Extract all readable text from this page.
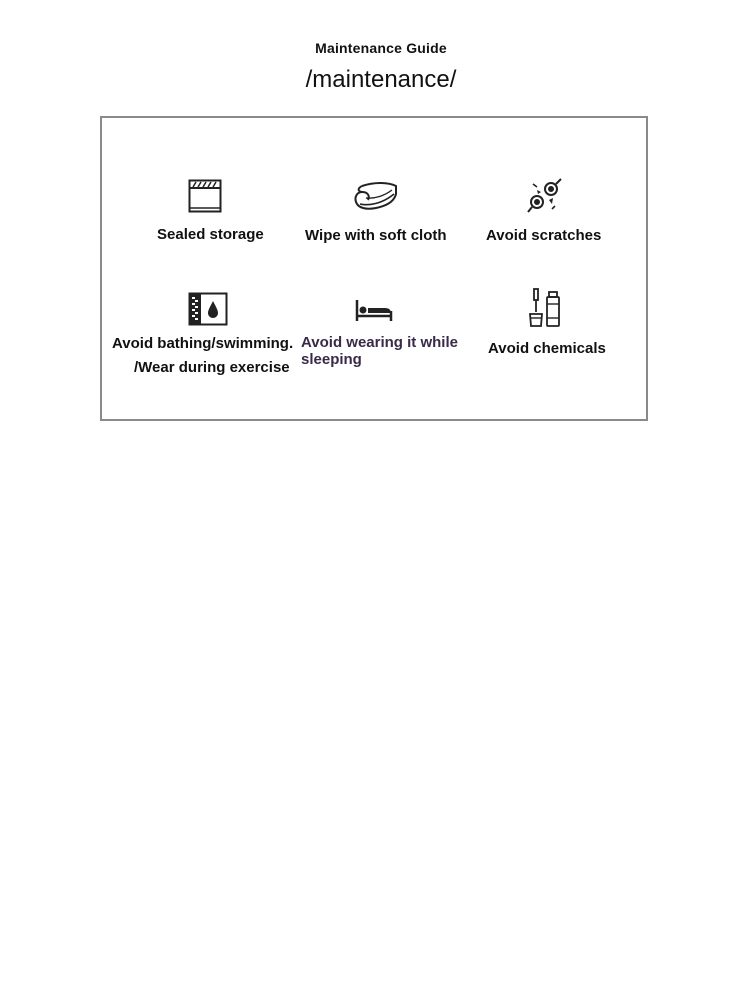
Maintenance Guide
/maintenance/
Sealed storage	Wipe with soft cloth	Avoid scratches
Avoid bathing/swimming.
/Wear during exercise
Avoid wearing it while sleeping
Avoid chemicals
